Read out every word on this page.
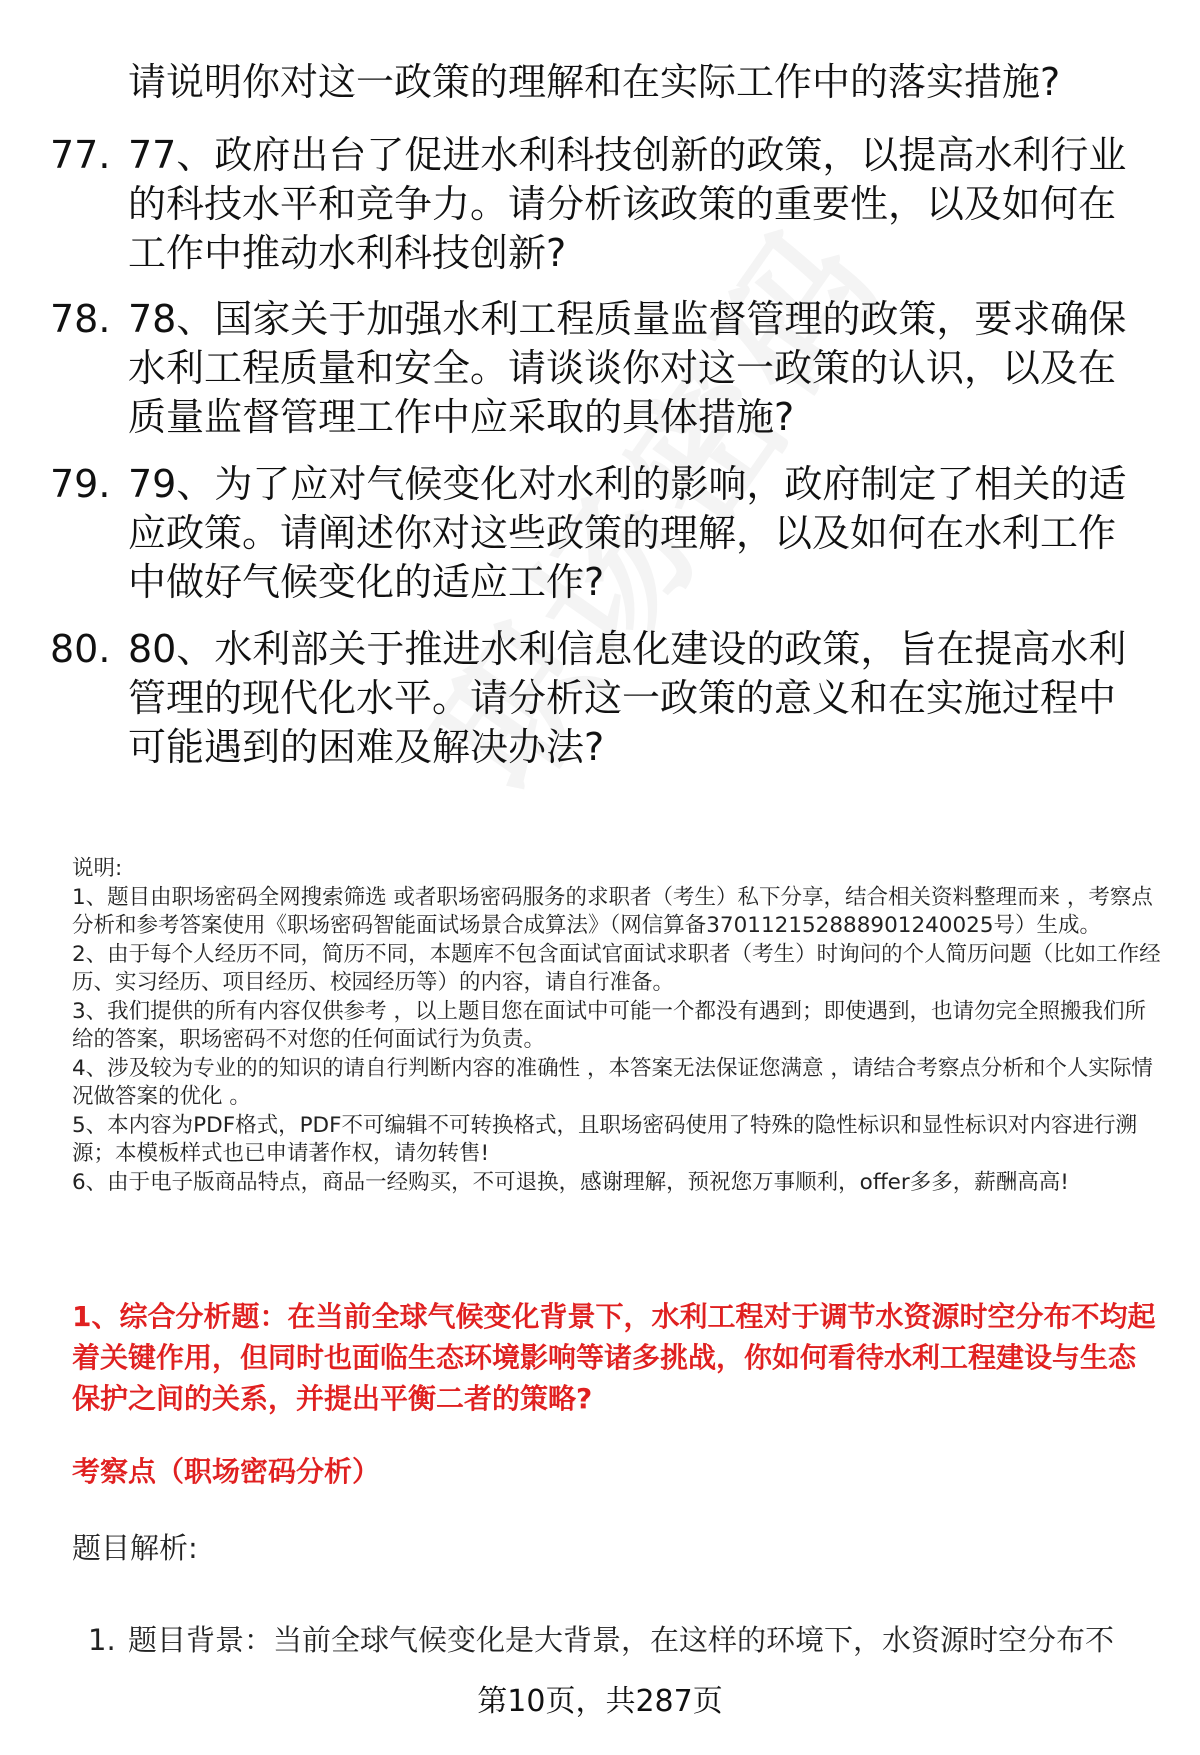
请说明你对这一政策的理解和在实际工作中的落实措施?
77. 77、政府出台了促进水利科技创新的政策，以提高水利行业的科技水平和竞争力。请分析该政策的重要性，以及如何在工作中推动水利科技创新?
78. 78、国家关于加强水利工程质量监督管理的政策，要求确保水利工程质量和安全。请谈谈你对这一政策的认识，以及在质量监督管理工作中应采取的具体措施?
79. 79、为了应对气候变化对水利的影响，政府制定了相关的适应政策。请阐述你对这些政策的理解，以及如何在水利工作中做好气候变化的适应工作?
80. 80、水利部关于推进水利信息化建设的政策，旨在提高水利管理的现代化水平。请分析这一政策的意义和在实施过程中可能遇到的困难及解决办法?

说明:

1、题目由职场密码全网搜索筛选 或者职场密码服务的求职者（考生）私下分享，结合相关资料整理而来 ，考察点分析和参考答案使用《职场密码智能面试场景合成算法》（网信算备370112152888901240025号）生成。

2、由于每个人经历不同，简历不同，本题库不包含面试官面试求职者（考生）时询问的个人简历问题（比如工作经历、实习经历、项目经历、校园经历等）的内容，请自行准备。

3、我们提供的所有内容仅供参考 ，以上题目您在面试中可能一个都没有遇到；即使遇到，也请勿完全照搬我们所给的答案，职场密码不对您的任何面试行为负责。

4、涉及较为专业的的知识的请自行判断内容的准确性 ，本答案无法保证您满意 ，请结合考察点分析和个人实际情况做答案的优化 。

5、本内容为PDF格式，PDF不可编辑不可转换格式，且职场密码使用了特殊的隐性标识和显性标识对内容进行溯源；本模板样式也已申请著作权，请勿转售!

6、由于电子版商品特点，商品一经购买，不可退换，感谢理解，预祝您万事顺利，offer多多，薪酬高高!

1、综合分析题：在当前全球气候变化背景下，水利工程对于调节水资源时空分布不均起着关键作用，但同时也面临生态环境影响等诸多挑战，你如何看待水利工程建设与生态保护之间的关系，并提出平衡二者的策略?
考察点（职场密码分析）
题目解析:
1. 题目背景：当前全球气候变化是大背景，在这样的环境下，水资源时空分布不
第10页，共287页
